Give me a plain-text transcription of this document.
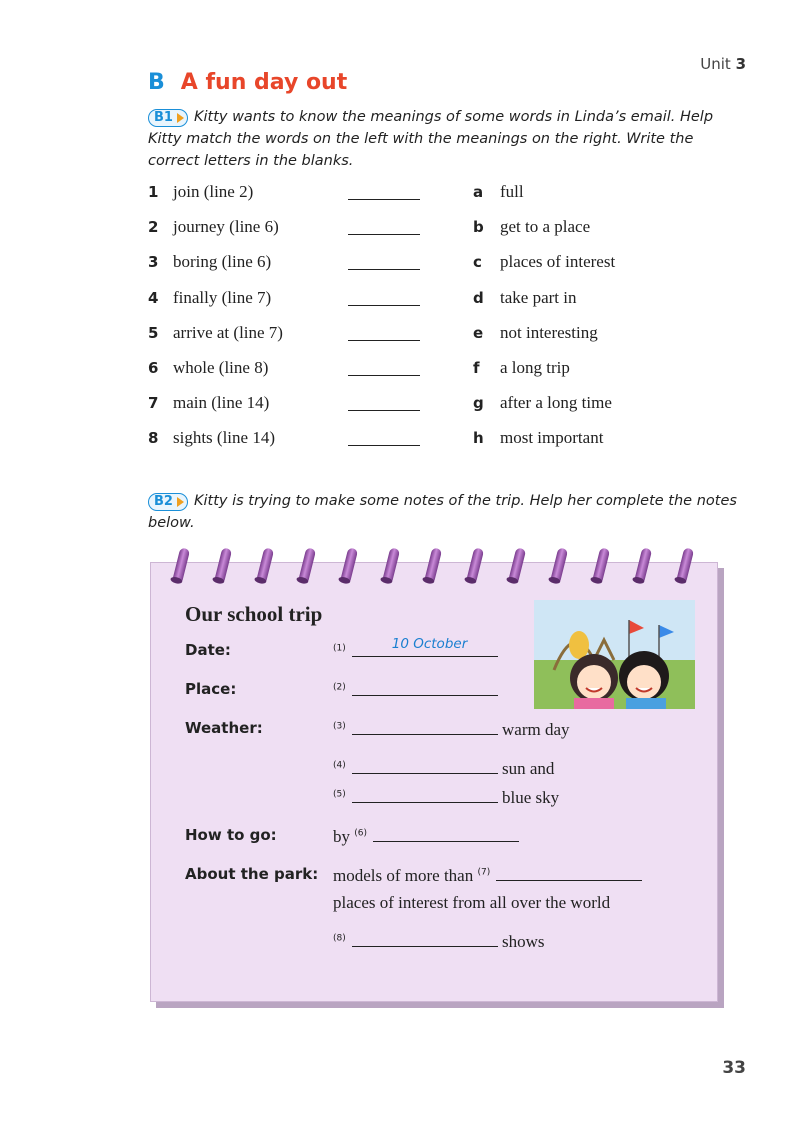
Unit 3
B A fun day out
B1 Kitty wants to know the meanings of some words in Linda’s email. Help Kitty match the words on the left with the meanings on the right. Write the correct letters in the blanks.
1 join (line 2)	a full
2 journey (line 6)	b get to a place
3 boring (line 6)	c places of interest
4 finally (line 7)	d take part in
5 arrive at (line 7)	e not interesting
6 whole (line 8)	f a long trip
7 main (line 14)	g after a long time
8 sights (line 14)	h most important
B2 Kitty is trying to make some notes of the trip. Help her complete the notes below.
Our school trip
Date:	$^{(1)}$	10 October
Place:	$^{(2)}$
Weather:	$^{(3)}$	warm day
$^{(4)}$	sun and
$^{(5)}$	blue sky
How to go:	by $^{(6)}$
About the park: models of more than $^{(7)}$
places of interest from all over the world
$^{(8)}$	shows
33
